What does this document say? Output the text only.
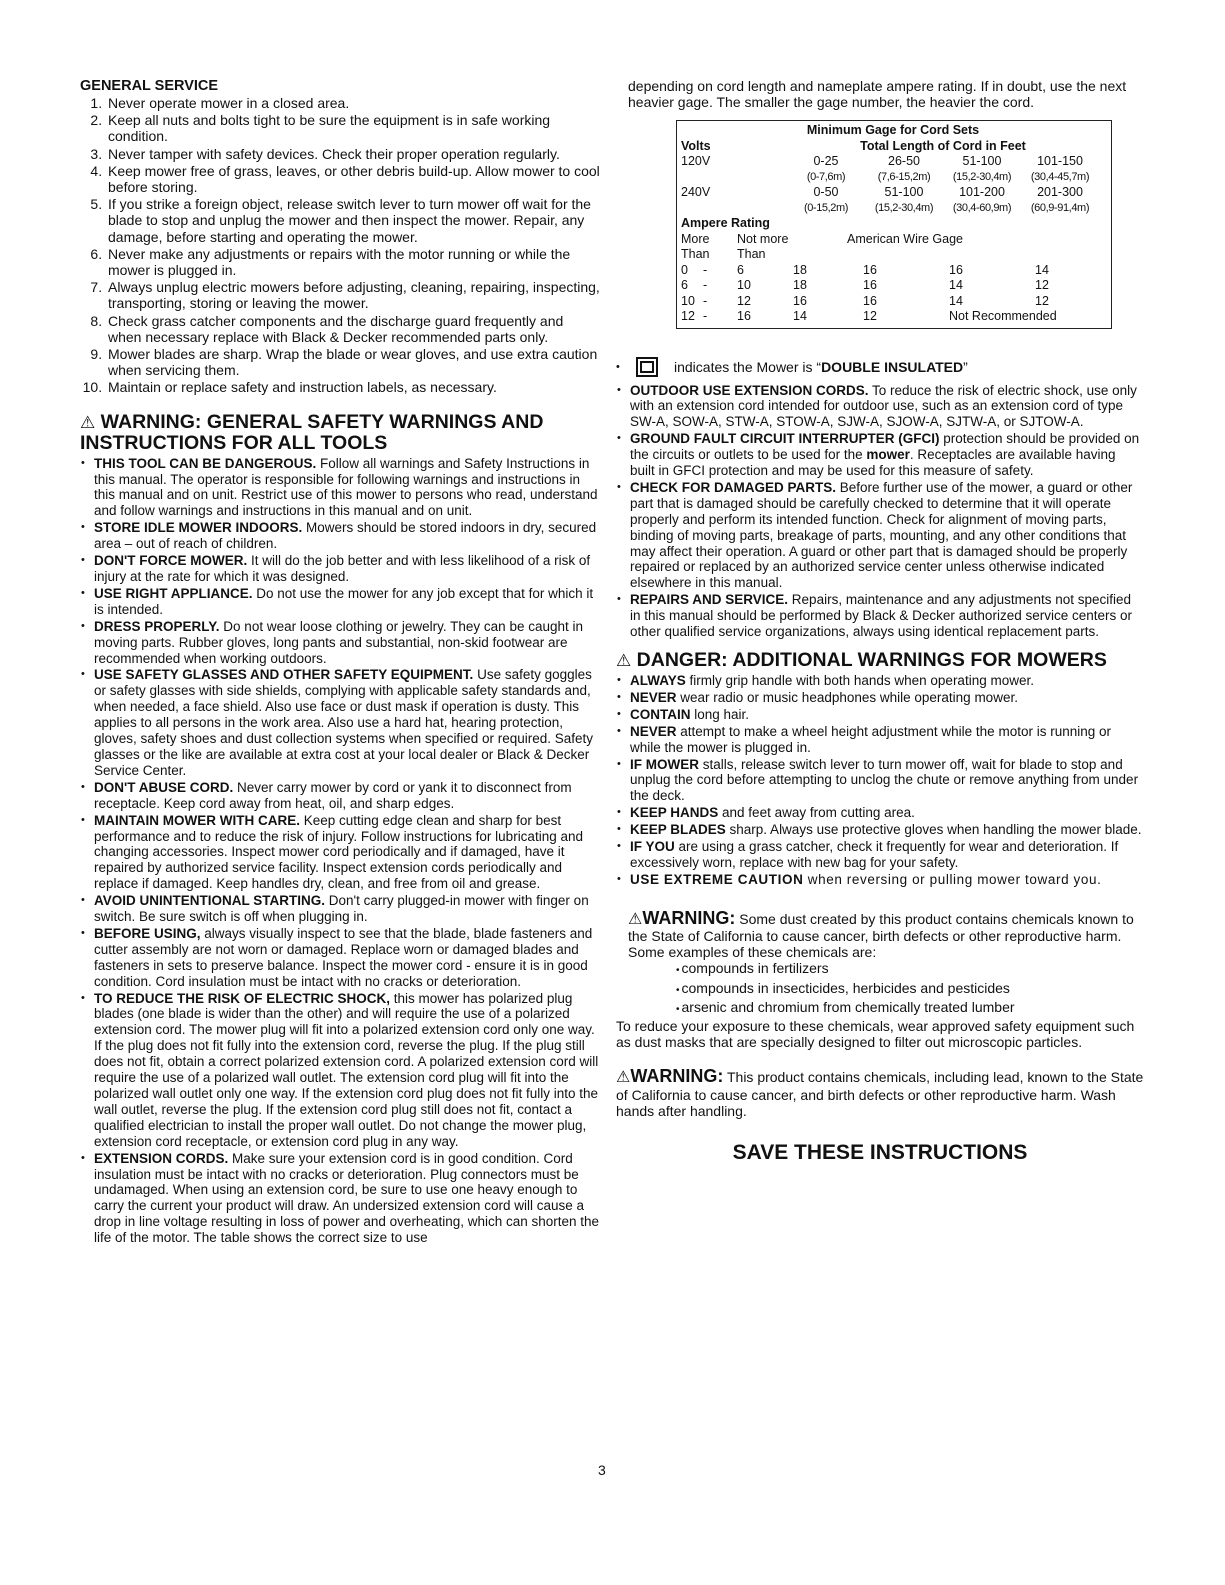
GENERAL SERVICE
1. Never operate mower in a closed area.
2. Keep all nuts and bolts tight to be sure the equipment is in safe working condition.
3. Never tamper with safety devices. Check their proper operation regularly.
4. Keep mower free of grass, leaves, or other debris build-up. Allow mower to cool before storing.
5. If you strike a foreign object, release switch lever to turn mower off wait for the blade to stop and unplug the mower and then inspect the mower. Repair, any damage, before starting and operating the mower.
6. Never make any adjustments or repairs with the motor running or while the mower is plugged in.
7. Always unplug electric mowers before adjusting, cleaning, repairing, inspecting, transporting, storing or leaving the mower.
8. Check grass catcher components and the discharge guard frequently and when necessary replace with Black & Decker recommended parts only.
9. Mower blades are sharp. Wrap the blade or wear gloves, and use extra caution when servicing them.
10. Maintain or replace safety and instruction labels, as necessary.
⚠ WARNING: GENERAL SAFETY WARNINGS AND INSTRUCTIONS FOR ALL TOOLS
• THIS TOOL CAN BE DANGEROUS. Follow all warnings and Safety Instructions in this manual. The operator is responsible for following warnings and instructions in this manual and on unit. Restrict use of this mower to persons who read, understand and follow warnings and instructions in this manual and on unit.
• STORE IDLE MOWER INDOORS. Mowers should be stored indoors in dry, secured area – out of reach of children.
• DON'T FORCE MOWER. It will do the job better and with less likelihood of a risk of injury at the rate for which it was designed.
• USE RIGHT APPLIANCE. Do not use the mower for any job except that for which it is intended.
• DRESS PROPERLY. Do not wear loose clothing or jewelry. They can be caught in moving parts. Rubber gloves, long pants and substantial, non-skid footwear are recommended when working outdoors.
• USE SAFETY GLASSES AND OTHER SAFETY EQUIPMENT. Use safety goggles or safety glasses with side shields, complying with applicable safety standards and, when needed, a face shield. Also use face or dust mask if operation is dusty. This applies to all persons in the work area. Also use a hard hat, hearing protection, gloves, safety shoes and dust collection systems when specified or required. Safety glasses or the like are available at extra cost at your local dealer or Black & Decker Service Center.
• DON'T ABUSE CORD. Never carry mower by cord or yank it to disconnect from receptacle. Keep cord away from heat, oil, and sharp edges.
• MAINTAIN MOWER WITH CARE. Keep cutting edge clean and sharp for best performance and to reduce the risk of injury. Follow instructions for lubricating and changing accessories. Inspect mower cord periodically and if damaged, have it repaired by authorized service facility. Inspect extension cords periodically and replace if damaged. Keep handles dry, clean, and free from oil and grease.
• AVOID UNINTENTIONAL STARTING. Don't carry plugged-in mower with finger on switch. Be sure switch is off when plugging in.
• BEFORE USING, always visually inspect to see that the blade, blade fasteners and cutter assembly are not worn or damaged. Replace worn or damaged blades and fasteners in sets to preserve balance. Inspect the mower cord - ensure it is in good condition. Cord insulation must be intact with no cracks or deterioration.
• TO REDUCE THE RISK OF ELECTRIC SHOCK, this mower has polarized plug blades (one blade is wider than the other) and will require the use of a polarized extension cord. The mower plug will fit into a polarized extension cord only one way. If the plug does not fit fully into the extension cord, reverse the plug. If the plug still does not fit, obtain a correct polarized extension cord. A polarized extension cord will require the use of a polarized wall outlet. The extension cord plug will fit into the polarized wall outlet only one way. If the extension cord plug does not fit fully into the wall outlet, reverse the plug. If the extension cord plug still does not fit, contact a qualified electrician to install the proper wall outlet. Do not change the mower plug, extension cord receptacle, or extension cord plug in any way.
• EXTENSION CORDS. Make sure your extension cord is in good condition. Cord insulation must be intact with no cracks or deterioration. Plug connectors must be undamaged. When using an extension cord, be sure to use one heavy enough to carry the current your product will draw. An undersized extension cord will cause a drop in line voltage resulting in loss of power and overheating, which can shorten the life of the motor. The table shows the correct size to use

depending on cord length and nameplate ampere rating. If in doubt, use the next heavier gage. The smaller the gage number, the heavier the cord.

Minimum Gage for Cord Sets
Volts	Total Length of Cord in Feet
120V	0-25	26-50	51-100	101-150
(0-7,6m)	(7,6-15,2m)	(15,2-30,4m)	(30,4-45,7m)
240V	0-50	51-100	101-200	201-300
(0-15,2m)	(15,2-30,4m)	(30,4-60,9m)	(60,9-91,4m)
Ampere Rating
More	Not more	American Wire Gage
Than	Than
0	-	6	18	16	16	14
6	-	10	18	16	14	12
10 -	12	16	16	14	12
12 -	16	14	12	Not Recommended
•	indicates the Mower is “DOUBLE INSULATED”
• OUTDOOR USE EXTENSION CORDS. To reduce the risk of electric shock, use only with an extension cord intended for outdoor use, such as an extension cord of type SW-A, SOW-A, STW-A, STOW-A, SJW-A, SJOW-A, SJTW-A, or SJTOW-A.
• GROUND FAULT CIRCUIT INTERRUPTER (GFCI) protection should be provided on the circuits or outlets to be used for the mower. Receptacles are available having built in GFCI protection and may be used for this measure of safety.
• CHECK FOR DAMAGED PARTS. Before further use of the mower, a guard or other part that is damaged should be carefully checked to determine that it will operate properly and perform its intended function. Check for alignment of moving parts, binding of moving parts, breakage of parts, mounting, and any other conditions that may affect their operation. A guard or other part that is damaged should be properly repaired or replaced by an authorized service center unless otherwise indicated elsewhere in this manual.
• REPAIRS AND SERVICE. Repairs, maintenance and any adjustments not specified in this manual should be performed by Black & Decker authorized service centers or other qualified service organizations, always using identical replacement parts.
⚠ DANGER: ADDITIONAL WARNINGS FOR MOWERS
• ALWAYS firmly grip handle with both hands when operating mower.
• NEVER wear radio or music headphones while operating mower.
• CONTAIN long hair.
• NEVER attempt to make a wheel height adjustment while the motor is running or while the mower is plugged in.
• IF MOWER stalls, release switch lever to turn mower off, wait for blade to stop and unplug the cord before attempting to unclog the chute or remove anything from under the deck.
• KEEP HANDS and feet away from cutting area.
• KEEP BLADES sharp. Always use protective gloves when handling the mower blade.
• IF YOU are using a grass catcher, check it frequently for wear and deterioration. If excessively worn, replace with new bag for your safety.
• USE EXTREME CAUTION when reversing or pulling mower toward you.

⚠WARNING: Some dust created by this product contains chemicals known to the State of California to cause cancer, birth defects or other reproductive harm. Some examples of these chemicals are:

• compounds in fertilizers
• compounds in insecticides, herbicides and pesticides
• arsenic and chromium from chemically treated lumber

To reduce your exposure to these chemicals, wear approved safety equipment such as dust masks that are specially designed to filter out microscopic particles.

⚠WARNING: This product contains chemicals, including lead, known to the State of California to cause cancer, and birth defects or other reproductive harm. Wash hands after handling.

SAVE THESE INSTRUCTIONS
3
